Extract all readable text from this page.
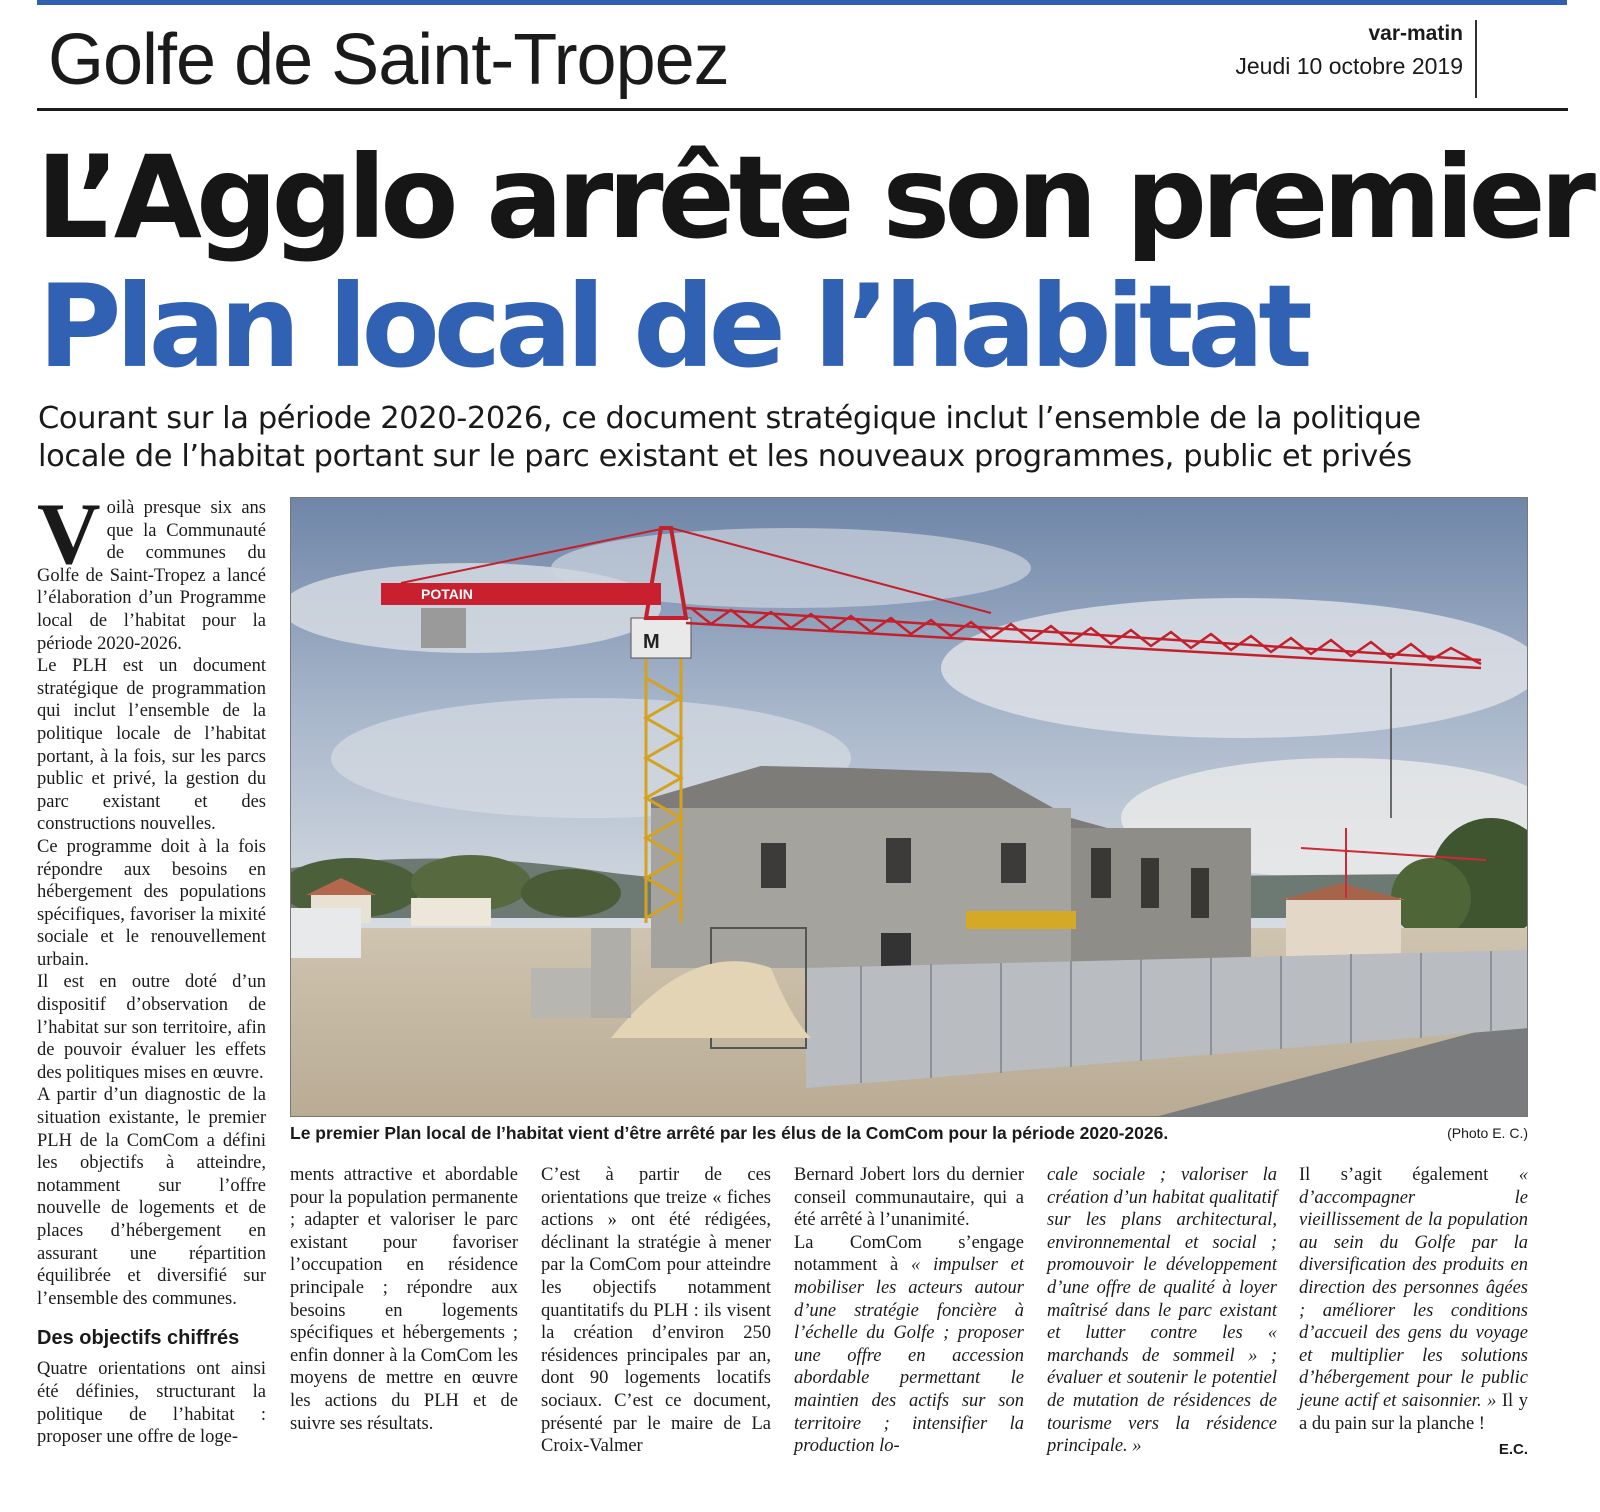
Golfe de Saint-Tropez	var-matin
Jeudi 10 octobre 2019
L’Agglo arrête son premier
Plan local de l’habitat
Courant sur la période 2020-2026, ce document stratégique inclut l’ensemble de la politique
locale de l’habitat portant sur le parc existant et les nouveaux programmes, public et privés

Voilà presque six ans que la Communauté de communes du Golfe de Saint-Tropez a lancé l’élaboration d’un Programme local de l’habitat pour la période 2020-2026.

Le PLH est un document stratégique de programmation qui inclut l’ensemble de la politique locale de l’habitat portant, à la fois, sur les parcs public et privé, la gestion du parc existant et des constructions nouvelles.

Ce programme doit à la fois répondre aux besoins en hébergement des populations spécifiques, favoriser la mixité sociale et le renouvellement urbain.

Il est en outre doté d’un dispositif d’observation de l’habitat sur son territoire, afin de pouvoir évaluer les effets des politiques mises en œuvre.

A partir d’un diagnostic de la situation existante, le premier PLH de la ComCom a défini les objectifs à atteindre, notamment sur l’offre nouvelle de logements et de places d’hébergement en assurant une répartition équilibrée et diversifié sur l’ensemble des communes.

Des objectifs chiffrés

Quatre orientations ont ainsi été définies, structurant la politique de l’habitat : proposer une offre de loge-

M
POTAIN
Le premier Plan local de l’habitat vient d’être arrêté par les élus de la ComCom pour la période 2020-2026.	(Photo E. C.)

ments attractive et abordable pour la population permanente ; adapter et valoriser le parc existant pour favoriser l’occupation en résidence principale ; répondre aux besoins en logements spécifiques et hébergements ; enfin donner à la ComCom les moyens de mettre en œuvre les actions du PLH et de suivre ses résultats.

C’est à partir de ces orientations que treize « fiches actions » ont été rédigées, déclinant la stratégie à mener par la ComCom pour atteindre les objectifs notamment quantitatifs du PLH : ils visent la création d’environ 250 résidences principales par an, dont 90 logements locatifs sociaux. C’est ce document, présenté par le maire de La Croix-Valmer

Bernard Jobert lors du dernier conseil communautaire, qui a été arrêté à l’unanimité.

La ComCom s’engage notamment à « impulser et mobiliser les acteurs autour d’une stratégie foncière à l’échelle du Golfe ; proposer une offre en accession abordable permettant le maintien des actifs sur son territoire ; intensifier la production lo-

cale sociale ; valoriser la création d’un habitat qualitatif sur les plans architectural, environnemental et social ; promouvoir le développement d’une offre de qualité à loyer maîtrisé dans le parc existant et lutter contre les « marchands de sommeil » ; évaluer et soutenir le potentiel de mutation de résidences de tourisme vers la résidence principale. »

Il s’agit également « d’accompagner le vieillissement de la population au sein du Golfe par la diversification des produits en direction des personnes âgées ; améliorer les conditions d’accueil des gens du voyage et multiplier les solutions d’hébergement pour le public jeune actif et saisonnier. » Il y a du pain sur la planche !

E.C.
